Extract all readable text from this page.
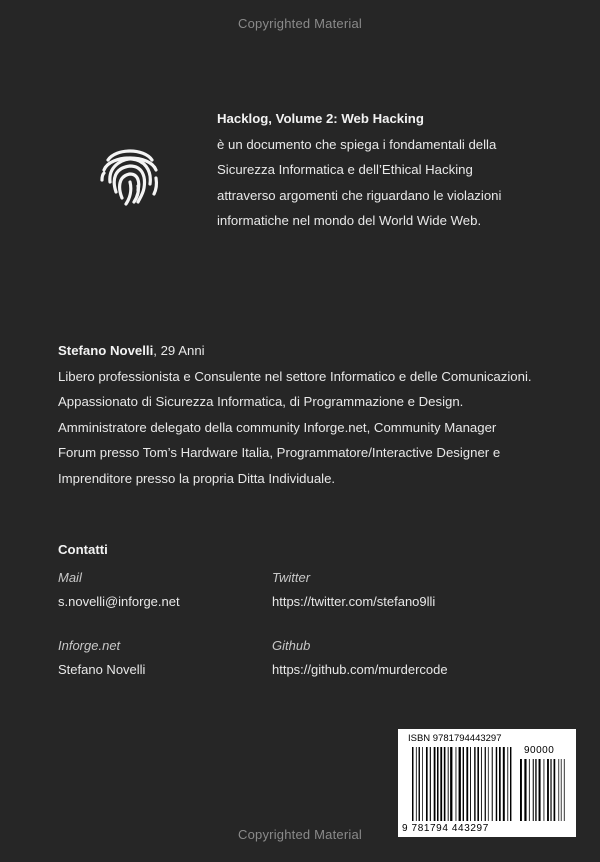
Copyrighted Material
Hacklog, Volume 2: Web Hacking
è un documento che spiega i fondamentali della
Sicurezza Informatica e dell’Ethical Hacking
attraverso argomenti che riguardano le violazioni
informatiche nel mondo del World Wide Web.
Stefano Novelli, 29 Anni
Libero professionista e Consulente nel settore Informatico e delle Comunicazioni.
Appassionato di Sicurezza Informatica, di Programmazione e Design.
Amministratore delegato della community Inforge.net, Community Manager
Forum presso Tom’s Hardware Italia, Programmatore/Interactive Designer e
Imprenditore presso la propria Ditta Individuale.
Contatti
Mail
s.novelli@inforge.net
Twitter
https://twitter.com/stefano9lli
Inforge.net
Stefano Novelli
Github
https://github.com/murdercode
ISBN 9781794443297
90000
9 781794 443297
Copyrighted Material
